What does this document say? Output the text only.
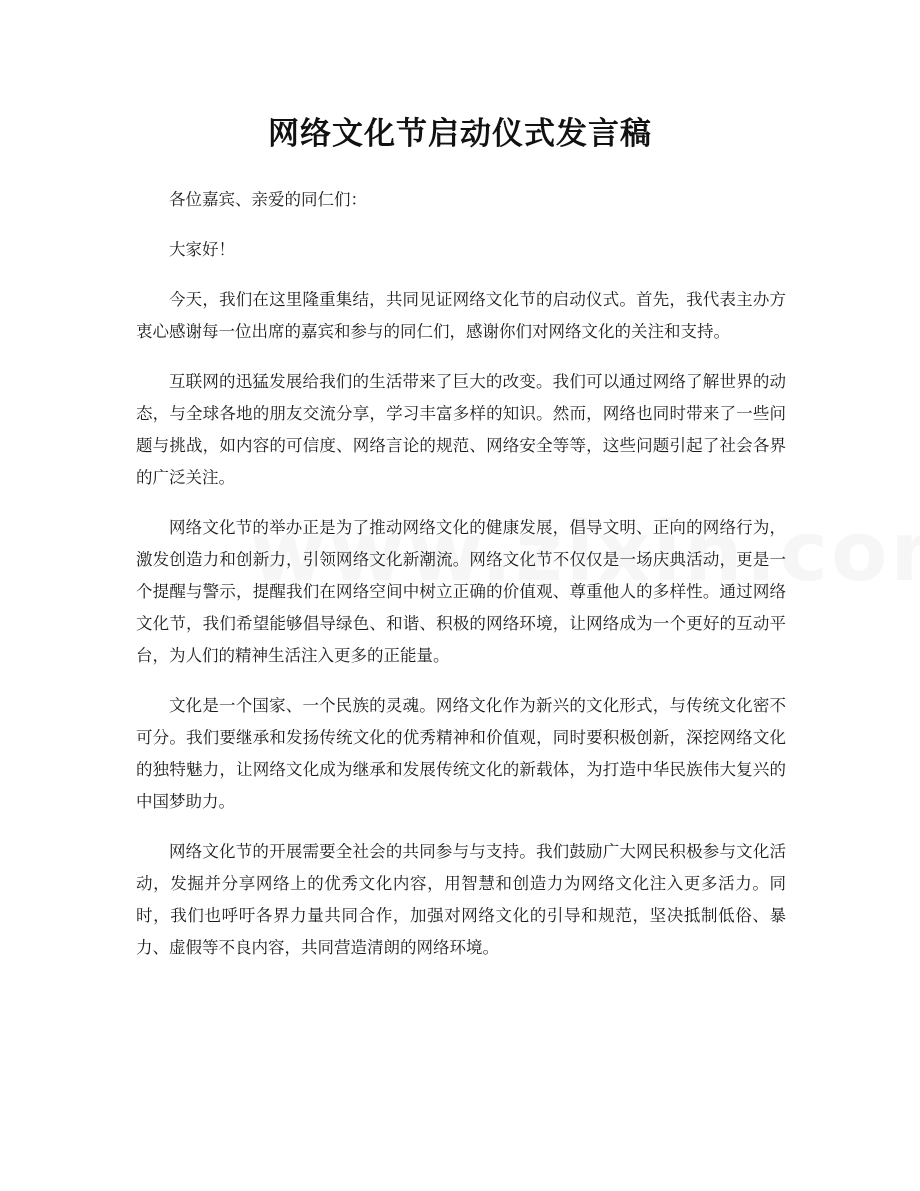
网络文化节启动仪式发言稿

各位嘉宾、亲爱的同仁们：

大家好！

今天，我们在这里隆重集结，共同见证网络文化节的启动仪式。首先，我代表主办方衷心感谢每一位出席的嘉宾和参与的同仁们，感谢你们对网络文化的关注和支持。

互联网的迅猛发展给我们的生活带来了巨大的改变。我们可以通过网络了解世界的动态，与全球各地的朋友交流分享，学习丰富多样的知识。然而，网络也同时带来了一些问题与挑战，如内容的可信度、网络言论的规范、网络安全等等，这些问题引起了社会各界的广泛关注。

网络文化节的举办正是为了推动网络文化的健康发展，倡导文明、正向的网络行为，激发创造力和创新力，引领网络文化新潮流。网络文化节不仅仅是一场庆典活动，更是一个提醒与警示，提醒我们在网络空间中树立正确的价值观、尊重他人的多样性。通过网络文化节，我们希望能够倡导绿色、和谐、积极的网络环境，让网络成为一个更好的互动平台，为人们的精神生活注入更多的正能量。

文化是一个国家、一个民族的灵魂。网络文化作为新兴的文化形式，与传统文化密不可分。我们要继承和发扬传统文化的优秀精神和价值观，同时要积极创新，深挖网络文化的独特魅力，让网络文化成为继承和发展传统文化的新载体，为打造中华民族伟大复兴的中国梦助力。

网络文化节的开展需要全社会的共同参与与支持。我们鼓励广大网民积极参与文化活动，发掘并分享网络上的优秀文化内容，用智慧和创造力为网络文化注入更多活力。同时，我们也呼吁各界力量共同合作，加强对网络文化的引导和规范，坚决抵制低俗、暴力、虚假等不良内容，共同营造清朗的网络环境。
